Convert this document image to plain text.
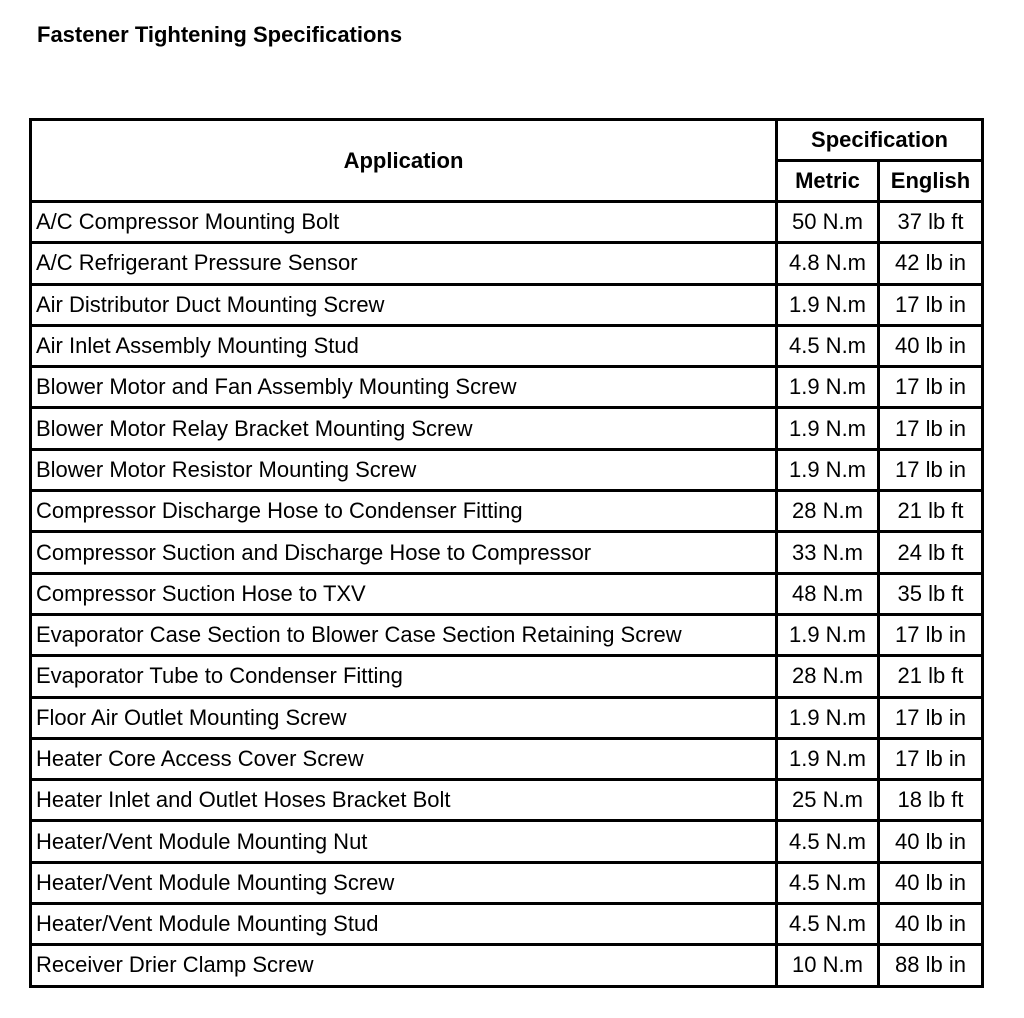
Fastener Tightening Specifications
Application	Specification	
	Metric	English
A/C Compressor Mounting Bolt	50 N.m	37 lb ft
A/C Refrigerant Pressure Sensor	4.8 N.m	42 lb in
Air Distributor Duct Mounting Screw	1.9 N.m	17 lb in
Air Inlet Assembly Mounting Stud	4.5 N.m	40 lb in
Blower Motor and Fan Assembly Mounting Screw	1.9 N.m	17 lb in
Blower Motor Relay Bracket Mounting Screw	1.9 N.m	17 lb in
Blower Motor Resistor Mounting Screw	1.9 N.m	17 lb in
Compressor Discharge Hose to Condenser Fitting	28 N.m	21 lb ft
Compressor Suction and Discharge Hose to Compressor	33 N.m	24 lb ft
Compressor Suction Hose to TXV	48 N.m	35 lb ft
Evaporator Case Section to Blower Case Section Retaining Screw	1.9 N.m	17 lb in
Evaporator Tube to Condenser Fitting	28 N.m	21 lb ft
Floor Air Outlet Mounting Screw	1.9 N.m	17 lb in
Heater Core Access Cover Screw	1.9 N.m	17 lb in
Heater Inlet and Outlet Hoses Bracket Bolt	25 N.m	18 lb ft
Heater/Vent Module Mounting Nut	4.5 N.m	40 lb in
Heater/Vent Module Mounting Screw	4.5 N.m	40 lb in
Heater/Vent Module Mounting Stud	4.5 N.m	40 lb in
Receiver Drier Clamp Screw	10 N.m	88 lb in
